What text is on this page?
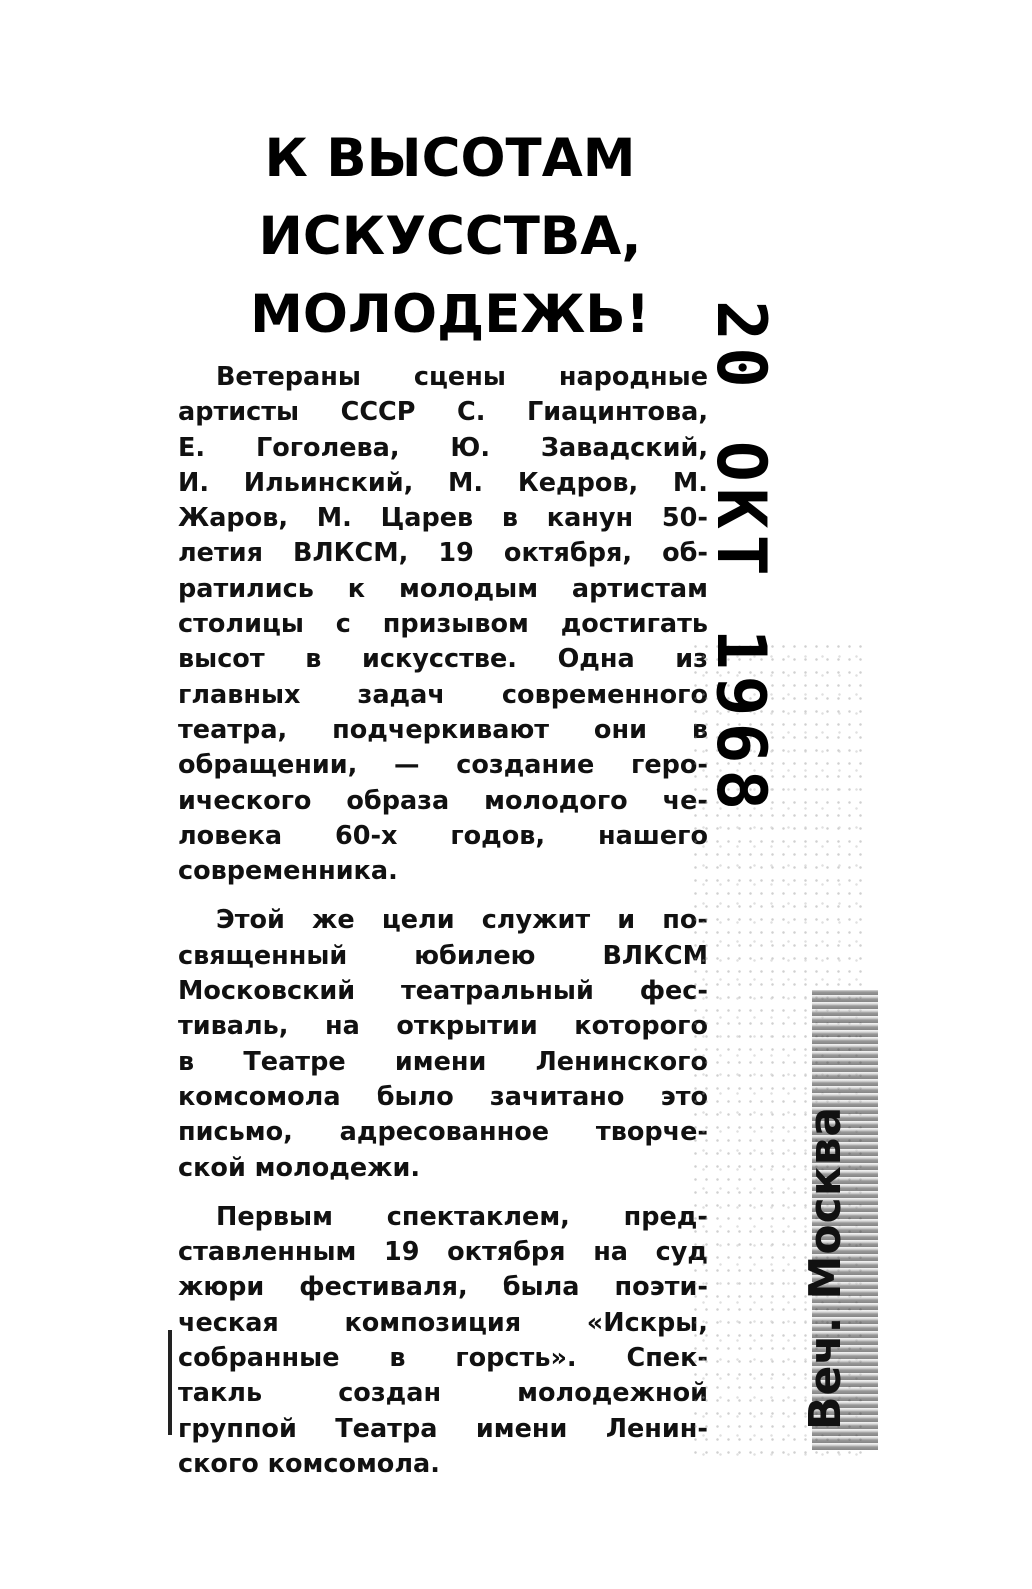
К ВЫСОТАМ
ИСКУССТВА,
МОЛОДЕЖЬ!

Ветераны сцены народные
артисты СССР С. Гиацинтова,
Е. Гоголева, Ю. Завадский,
И. Ильинский, М. Кедров, М.
Жаров, М. Царев в канун 50-
летия ВЛКСМ, 19 октября, об-
ратились к молодым артистам
столицы с призывом достигать
высот в искусстве. Одна из
главных задач современного
театра, подчеркивают они в
обращении, — создание геро-
ического образа молодого че-
ловека 60-х годов, нашего
современника.

Этой же цели служит и по-
священный юбилею ВЛКСМ
Московский театральный фес-
тиваль, на открытии которого
в Театре имени Ленинского
комсомола было зачитано это
письмо, адресованное творче-
ской молодежи.

Первым спектаклем, пред-
ставленным 19 октября на суд
жюри фестиваля, была поэти-
ческая композиция «Искры,
собранные в горсть». Спек-
такль создан молодежной
группой Театра имени Ленин-
ского комсомола.

20 ОКТ 1968
Веч. Москва
